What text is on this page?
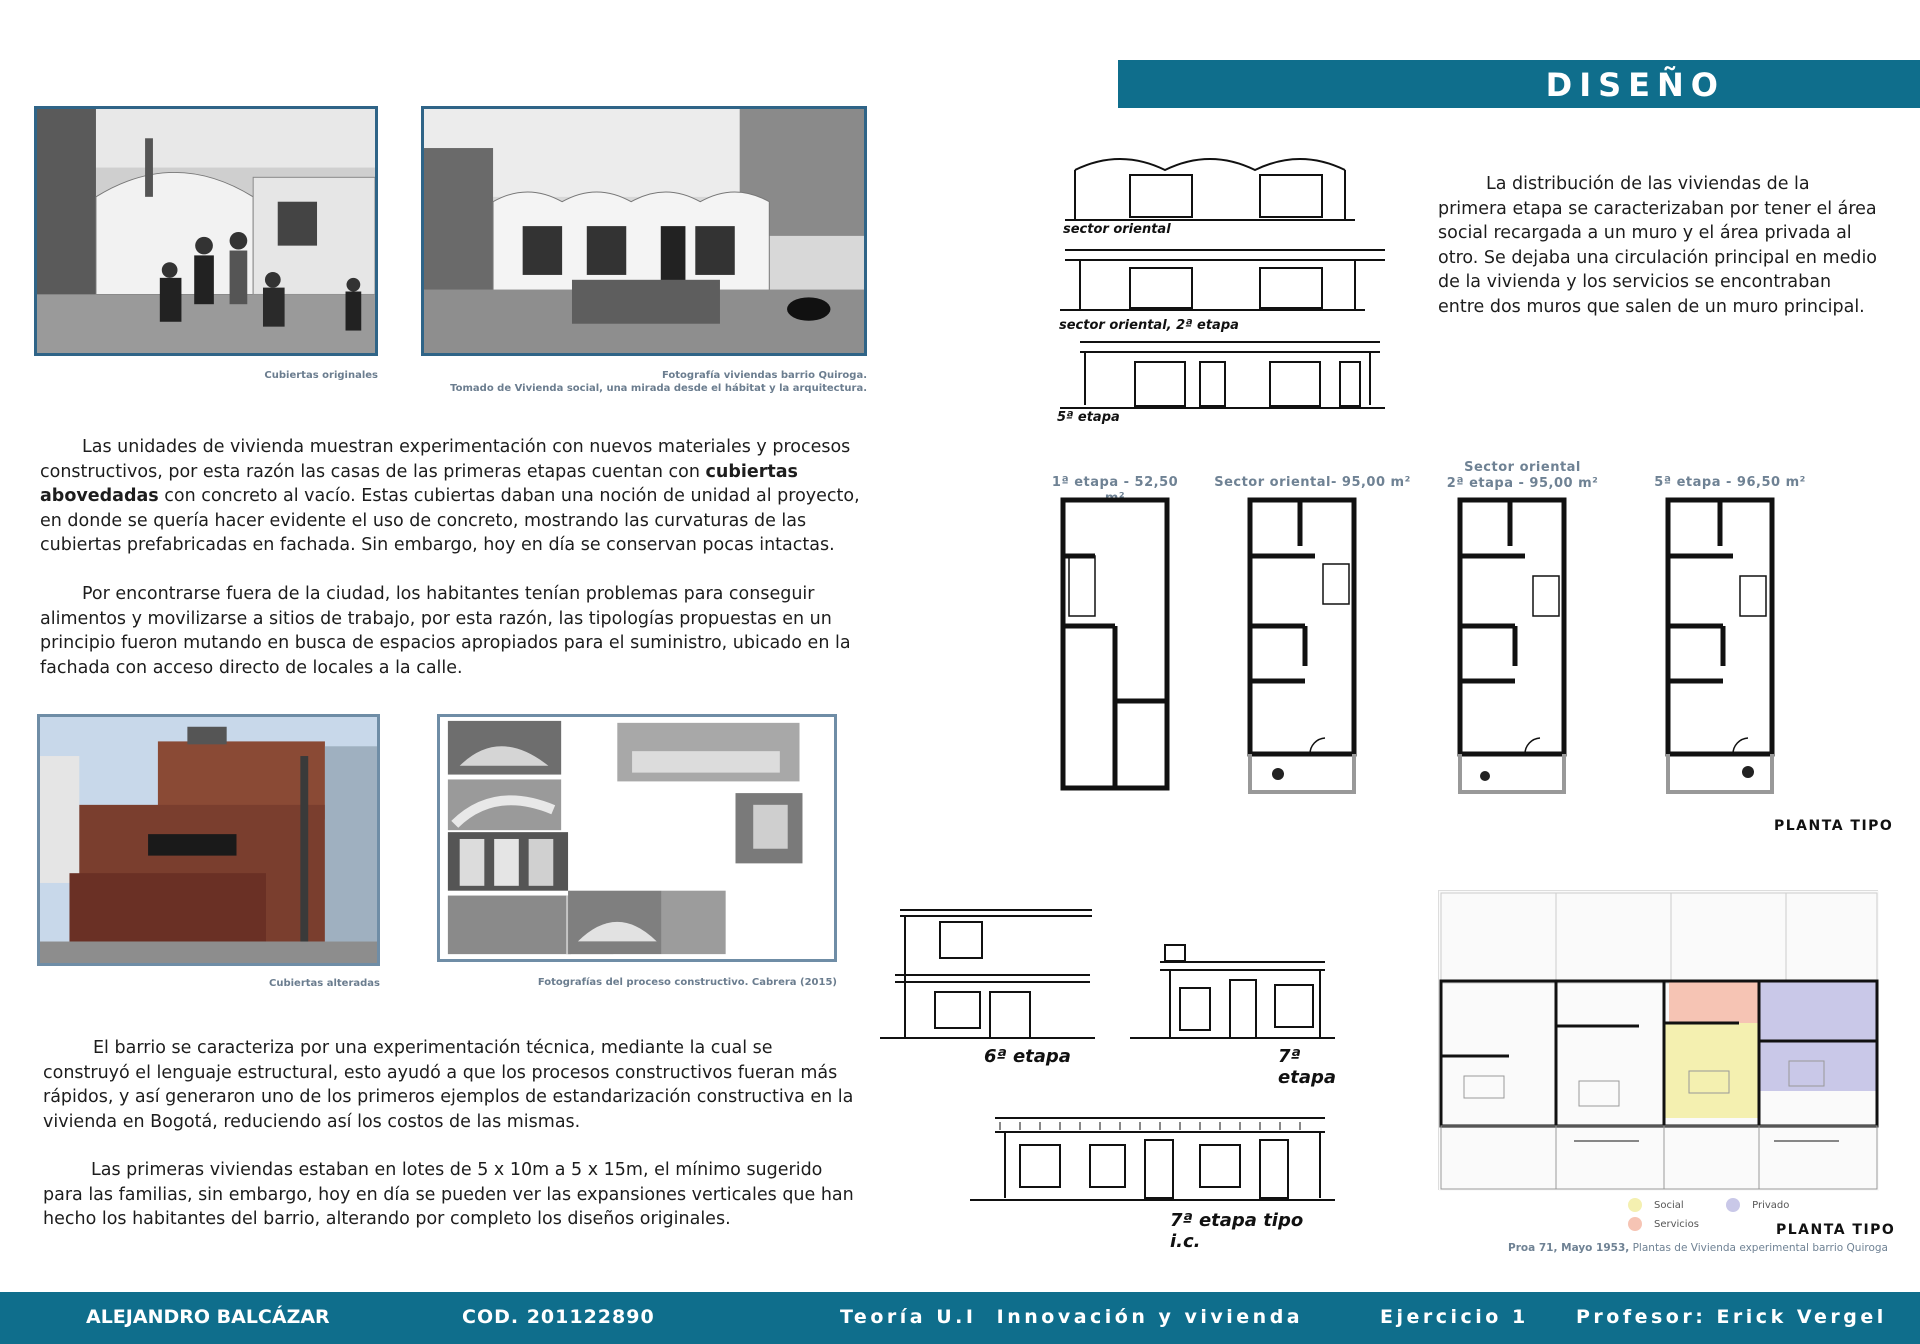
DISEÑO
Cubiertas originales	Fotografía viviendas barrio Quiroga.
Tomado de Vivienda social, una mirada desde el hábitat y la arquitectura.

Las unidades de vivienda muestran experimentación con nuevos materiales y procesos constructivos, por esta razón las casas de las primeras etapas cuentan con cubiertas abovedadas con concreto al vacío. Estas cubiertas daban una noción de unidad al proyecto, en donde se quería hacer evidente el uso de concreto, mostrando las curvaturas de las cubiertas prefabricadas en fachada. Sin embargo, hoy en día se conservan pocas intactas.

Por encontrarse fuera de la ciudad, los habitantes tenían problemas para conseguir alimentos y movilizarse a sitios de trabajo, por esta razón, las tipologías propuestas en un principio fueron mutando en busca de espacios apropiados para el suministro, ubicado en la fachada con acceso directo de locales a la calle.

Cubiertas alteradas	Fotografías del proceso constructivo. Cabrera (2015)

El barrio se caracteriza por una experimentación técnica, mediante la cual se construyó el lenguaje estructural, esto ayudó a que los procesos constructivos fueran más rápidos, y así generaron uno de los primeros ejemplos de estandarización constructiva en la vivienda en Bogotá, reduciendo así los costos de las mismas.

Las primeras viviendas estaban en lotes de 5 x 10m a 5 x 15m, el mínimo sugerido para las familias, sin embargo, hoy en día se pueden ver las expansiones verticales que han hecho los habitantes del barrio, alterando por completo los diseños originales.

sector oriental
sector oriental, 2ª etapa
5ª etapa

La distribución de las viviendas de la primera etapa se caracterizaban por tener el área social recargada a un muro y el área privada al otro. Se dejaba una circulación principal en medio de la vivienda y los servicios se encontraban entre dos muros que salen de un muro principal.

1ª etapa - 52,50 m²
Sector oriental- 95,00 m²
Sector oriental
2ª etapa - 95,00 m²	5ª etapa - 96,50 m²
PLANTA TIPO
6ª etapa	7ª etapa
7ª etapa tipo i.c.
Social
	Privado

Servicios	PLANTA TIPO
Proa 71, Mayo 1953, Plantas de Vivienda experimental barrio Quiroga
ALEJANDRO BALCÁZAR	COD. 201122890	Teoría U.I  Innovación y vivienda	Ejercicio 1 Profesor: Erick Vergel
